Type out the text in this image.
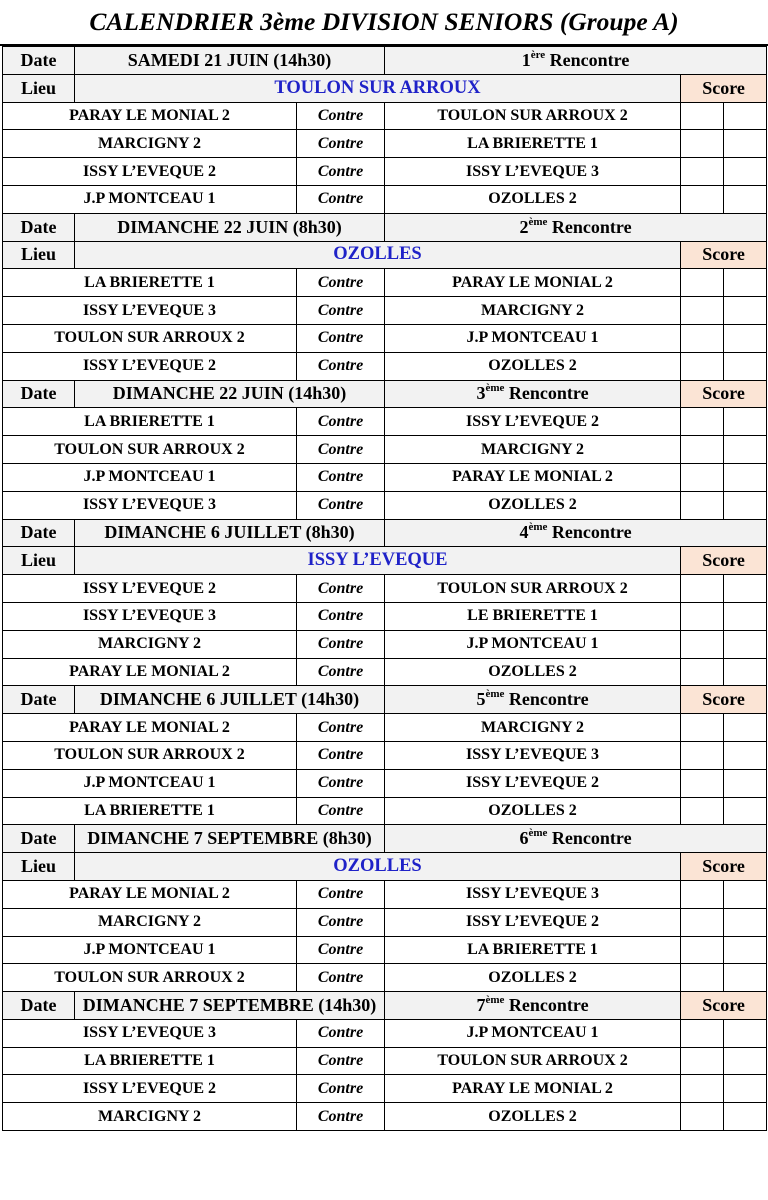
CALENDRIER 3ème DIVISION SENIORS (Groupe A)
Date	SAMEDI 21 JUIN (14h30)		1ère Rencontre		
Lieu	TOULON SUR ARROUX			Score	
PARAY LE MONIAL 2		Contre	TOULON SUR ARROUX 2		
MARCIGNY 2		Contre	LA BRIERETTE 1		
ISSY L’EVEQUE 2		Contre	ISSY L’EVEQUE 3		
J.P MONTCEAU 1		Contre	OZOLLES 2		
Date	DIMANCHE 22 JUIN (8h30)		2ème Rencontre		
Lieu	OZOLLES			Score	
LA BRIERETTE 1		Contre	PARAY LE MONIAL 2		
ISSY L’EVEQUE 3		Contre	MARCIGNY 2		
TOULON SUR ARROUX 2		Contre	J.P MONTCEAU 1		
ISSY L’EVEQUE 2		Contre	OZOLLES 2		
Date	DIMANCHE 22 JUIN (14h30)		3ème Rencontre	Score	
LA BRIERETTE 1		Contre	ISSY L’EVEQUE 2		
TOULON SUR ARROUX 2		Contre	MARCIGNY 2		
J.P MONTCEAU 1		Contre	PARAY LE MONIAL 2		
ISSY L’EVEQUE 3		Contre	OZOLLES 2		
Date	DIMANCHE 6 JUILLET (8h30)		4ème Rencontre		
Lieu	ISSY L’EVEQUE			Score	
ISSY L’EVEQUE 2		Contre	TOULON SUR ARROUX 2		
ISSY L’EVEQUE 3		Contre	LE BRIERETTE 1		
MARCIGNY 2		Contre	J.P MONTCEAU 1		
PARAY LE MONIAL 2		Contre	OZOLLES 2		
Date	DIMANCHE 6 JUILLET (14h30)		5ème Rencontre	Score	
PARAY LE MONIAL 2		Contre	MARCIGNY 2		
TOULON SUR ARROUX 2		Contre	ISSY L’EVEQUE 3		
J.P MONTCEAU 1		Contre	ISSY L’EVEQUE 2		
LA BRIERETTE 1		Contre	OZOLLES 2		
Date	DIMANCHE 7 SEPTEMBRE (8h30)		6ème Rencontre		
Lieu	OZOLLES			Score	
PARAY LE MONIAL 2		Contre	ISSY L’EVEQUE 3		
MARCIGNY 2		Contre	ISSY L’EVEQUE 2		
J.P MONTCEAU 1		Contre	LA BRIERETTE 1		
TOULON SUR ARROUX 2		Contre	OZOLLES 2		
Date	DIMANCHE 7 SEPTEMBRE (14h30)		7ème Rencontre	Score	
ISSY L’EVEQUE 3		Contre	J.P MONTCEAU 1		
LA BRIERETTE 1		Contre	TOULON SUR ARROUX 2		
ISSY L’EVEQUE 2		Contre	PARAY LE MONIAL 2		
MARCIGNY 2		Contre	OZOLLES 2		
